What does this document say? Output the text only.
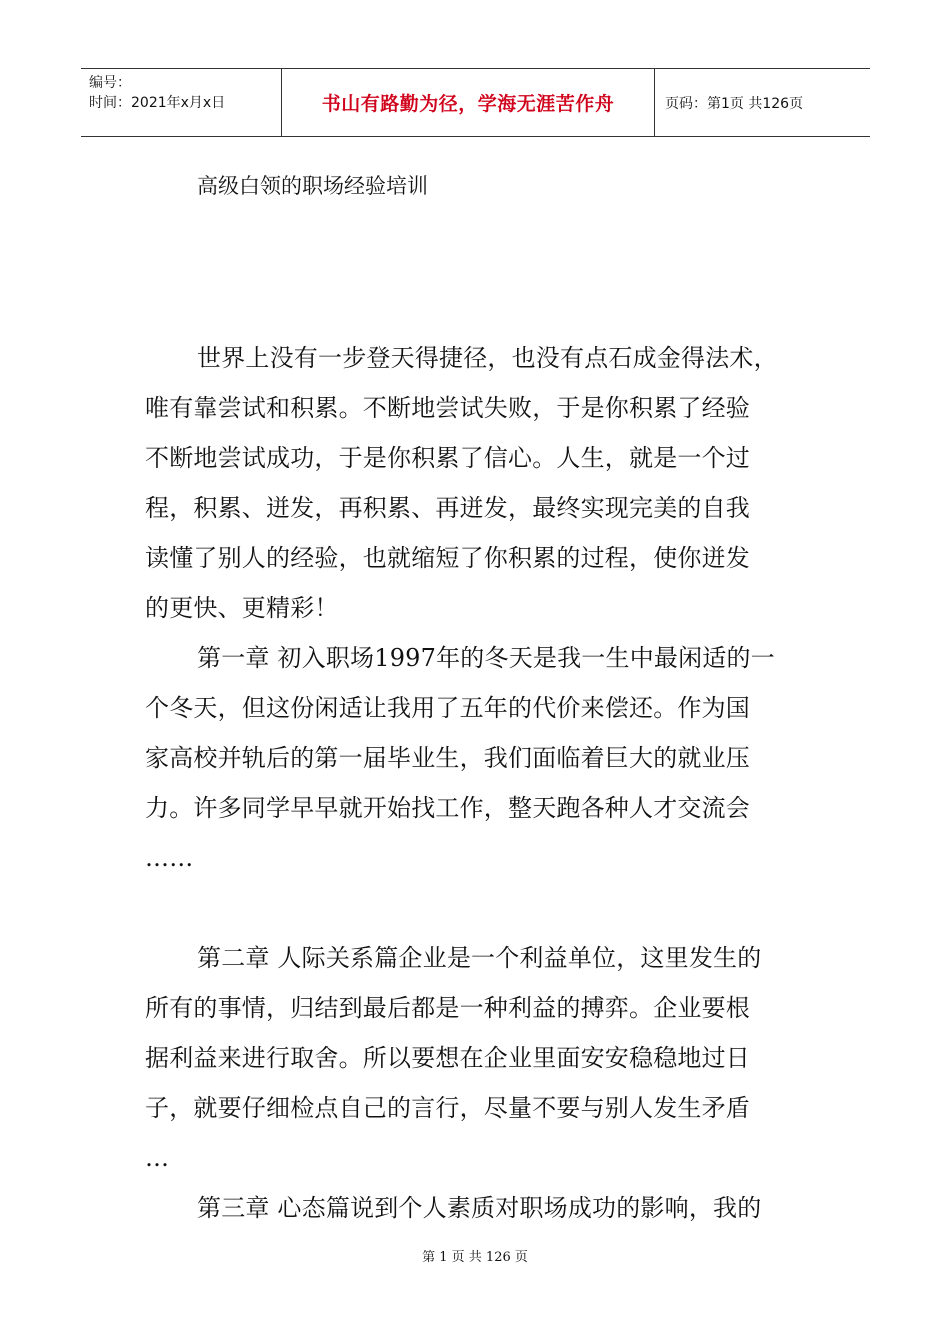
编号：
时间：2021年x月x日	书山有路勤为径，学海无涯苦作舟	页码：第1页 共126页
高级白领的职场经验培训
世界上没有一步登天得捷径，也没有点石成金得法术，
唯有靠尝试和积累。不断地尝试失败，于是你积累了经验
不断地尝试成功，于是你积累了信心。人生，就是一个过
程，积累、迸发，再积累、再迸发，最终实现完美的自我
读懂了别人的经验，也就缩短了你积累的过程，使你迸发
的更快、更精彩！
第一章 初入职场1997年的冬天是我一生中最闲适的一
个冬天，但这份闲适让我用了五年的代价来偿还。作为国
家高校并轨后的第一届毕业生，我们面临着巨大的就业压
力。许多同学早早就开始找工作，整天跑各种人才交流会
……
第二章 人际关系篇企业是一个利益单位，这里发生的
所有的事情，归结到最后都是一种利益的搏弈。企业要根
据利益来进行取舍。所以要想在企业里面安安稳稳地过日
子，就要仔细检点自己的言行，尽量不要与别人发生矛盾
…
第三章 心态篇说到个人素质对职场成功的影响，我的
第 1 页 共 126 页
